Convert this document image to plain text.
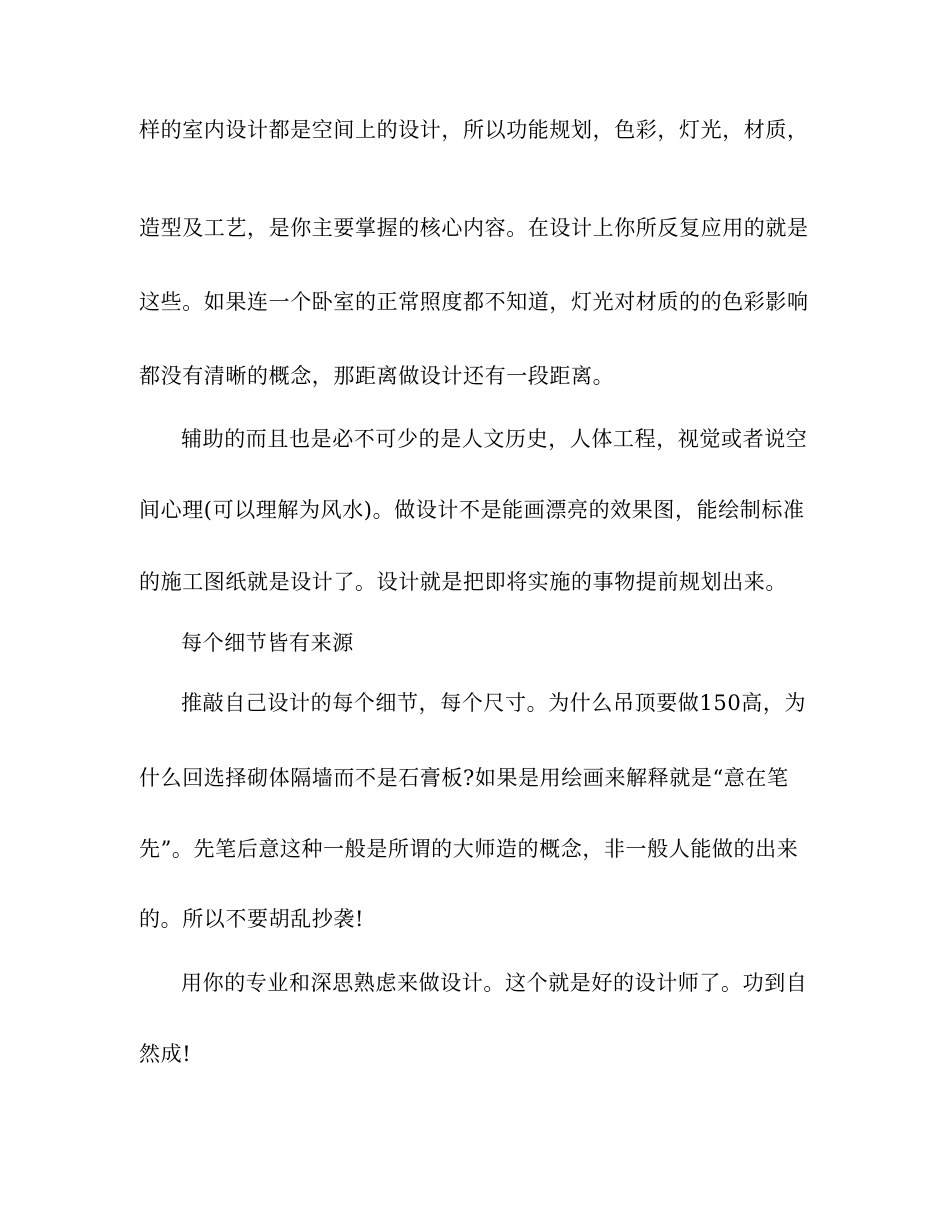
样的室内设计都是空间上的设计，所以功能规划，色彩，灯光，材质，
造型及工艺，是你主要掌握的核心内容。在设计上你所反复应用的就是
这些。如果连一个卧室的正常照度都不知道，灯光对材质的的色彩影响
都没有清晰的概念，那距离做设计还有一段距离。
辅助的而且也是必不可少的是人文历史，人体工程，视觉或者说空
间心理(可以理解为风水)。做设计不是能画漂亮的效果图，能绘制标准
的施工图纸就是设计了。设计就是把即将实施的事物提前规划出来。
每个细节皆有来源
推敲自己设计的每个细节，每个尺寸。为什么吊顶要做150高，为
什么回选择砌体隔墙而不是石膏板?如果是用绘画来解释就是“意在笔
先”。先笔后意这种一般是所谓的大师造的概念，非一般人能做的出来
的。所以不要胡乱抄袭!
用你的专业和深思熟虑来做设计。这个就是好的设计师了。功到自
然成!
